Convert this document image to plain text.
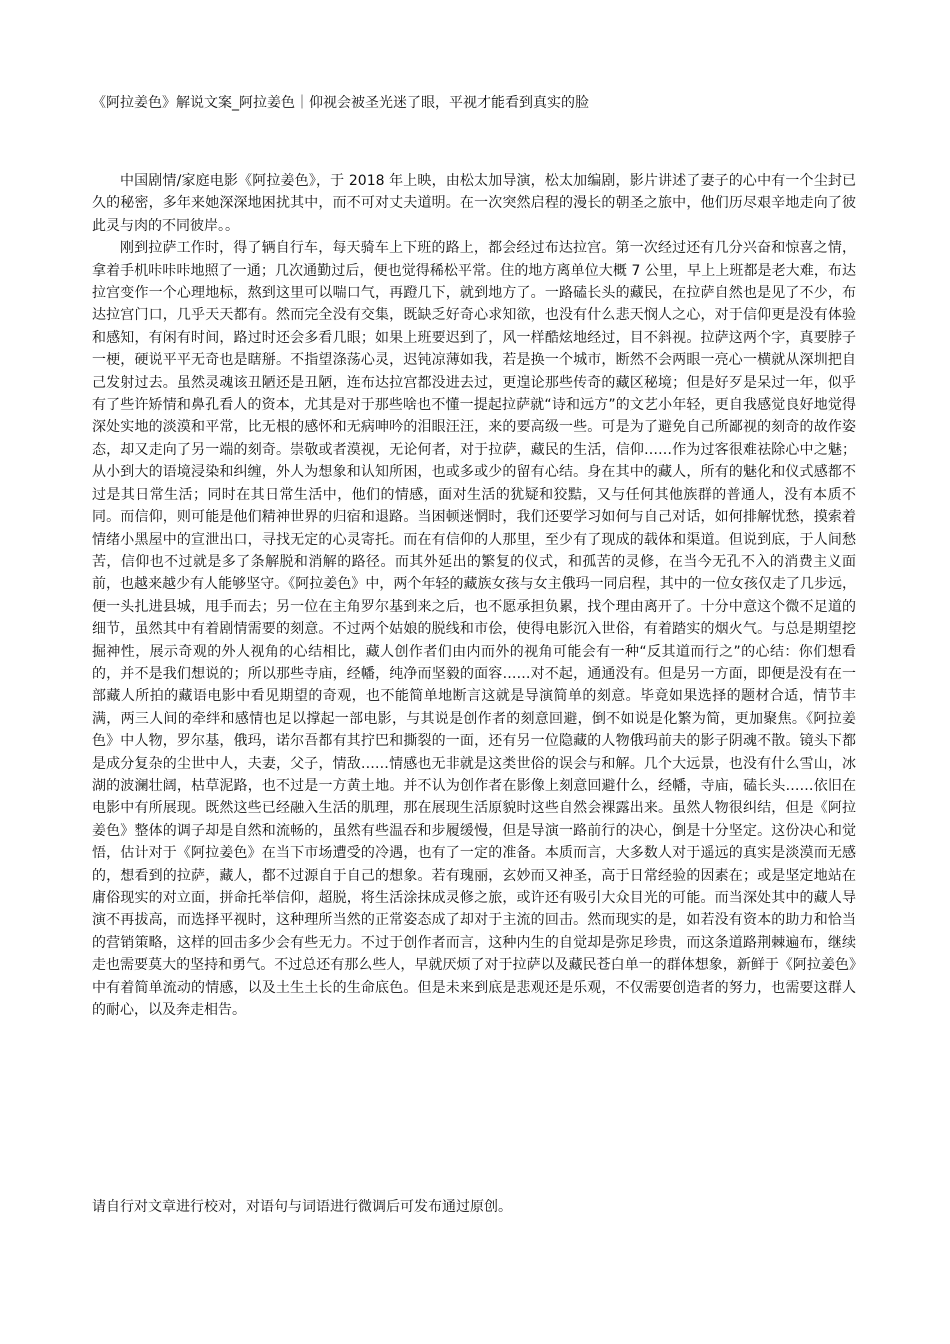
《阿拉姜色》解说文案_阿拉姜色｜仰视会被圣光迷了眼，平视才能看到真实的脸

中国剧情/家庭电影《阿拉姜色》，于 2018 年上映，由松太加导演，松太加编剧，影片讲述了妻子的心中有一个尘封已久的秘密，多年来她深深地困扰其中，而不可对丈夫道明。在一次突然启程的漫长的朝圣之旅中，他们历尽艰辛地走向了彼此灵与肉的不同彼岸。。

刚到拉萨工作时，得了辆自行车，每天骑车上下班的路上，都会经过布达拉宫。第一次经过还有几分兴奋和惊喜之情，拿着手机咔咔咔地照了一通；几次通勤过后，便也觉得稀松平常。住的地方离单位大概 7 公里，早上上班都是老大难，布达拉宫变作一个心理地标，熬到这里可以喘口气，再蹬几下，就到地方了。一路磕长头的藏民，在拉萨自然也是见了不少，布达拉宫门口，几乎天天都有。然而完全没有交集，既缺乏好奇心求知欲，也没有什么悲天悯人之心，对于信仰更是没有体验和感知，有闲有时间，路过时还会多看几眼；如果上班要迟到了，风一样酷炫地经过，目不斜视。拉萨这两个字，真要脖子一梗，硬说平平无奇也是瞎掰。不指望涤荡心灵，迟钝凉薄如我，若是换一个城市，断然不会两眼一亮心一横就从深圳把自己发射过去。虽然灵魂该丑陋还是丑陋，连布达拉宫都没进去过，更遑论那些传奇的藏区秘境；但是好歹是呆过一年，似乎有了些许矫情和鼻孔看人的资本，尤其是对于那些啥也不懂一提起拉萨就“诗和远方”的文艺小年轻，更自我感觉良好地觉得深处实地的淡漠和平常，比无根的感怀和无病呻吟的泪眼汪汪，来的要高级一些。可是为了避免自己所鄙视的刻奇的故作姿态，却又走向了另一端的刻奇。崇敬或者漠视，无论何者，对于拉萨，藏民的生活，信仰……作为过客很难祛除心中之魅；从小到大的语境浸染和纠缠，外人为想象和认知所困，也或多或少的留有心结。身在其中的藏人，所有的魅化和仪式感都不过是其日常生活；同时在其日常生活中，他们的情感，面对生活的犹疑和狡黠，又与任何其他族群的普通人，没有本质不同。而信仰，则可能是他们精神世界的归宿和退路。当困顿迷惘时，我们还要学习如何与自己对话，如何排解忧愁，摸索着情绪小黑屋中的宣泄出口，寻找无定的心灵寄托。而在有信仰的人那里，至少有了现成的载体和渠道。但说到底，于人间愁苦，信仰也不过就是多了条解脱和消解的路径。而其外延出的繁复的仪式，和孤苦的灵修，在当今无孔不入的消费主义面前，也越来越少有人能够坚守。《阿拉姜色》中，两个年轻的藏族女孩与女主俄玛一同启程，其中的一位女孩仅走了几步远，便一头扎进县城，甩手而去；另一位在主角罗尔基到来之后，也不愿承担负累，找个理由离开了。十分中意这个微不足道的细节，虽然其中有着剧情需要的刻意。不过两个姑娘的脱线和市侩，使得电影沉入世俗，有着踏实的烟火气。与总是期望挖掘神性，展示奇观的外人视角的心结相比，藏人创作者们由内而外的视角可能会有一种“反其道而行之”的心结：你们想看的，并不是我们想说的；所以那些寺庙，经幡，纯净而坚毅的面容……对不起，通通没有。但是另一方面，即便是没有在一部藏人所拍的藏语电影中看见期望的奇观，也不能简单地断言这就是导演简单的刻意。毕竟如果选择的题材合适，情节丰满，两三人间的牵绊和感情也足以撑起一部电影，与其说是创作者的刻意回避，倒不如说是化繁为简，更加聚焦。《阿拉姜色》中人物，罗尔基，俄玛，诺尔吾都有其拧巴和撕裂的一面，还有另一位隐藏的人物俄玛前夫的影子阴魂不散。镜头下都是成分复杂的尘世中人，夫妻，父子，情敌……情感也无非就是这类世俗的误会与和解。几个大远景，也没有什么雪山，冰湖的波澜壮阔，枯草泥路，也不过是一方黄土地。并不认为创作者在影像上刻意回避什么，经幡，寺庙，磕长头……依旧在电影中有所展现。既然这些已经融入生活的肌理，那在展现生活原貌时这些自然会裸露出来。虽然人物很纠结，但是《阿拉姜色》整体的调子却是自然和流畅的，虽然有些温吞和步履缓慢，但是导演一路前行的决心，倒是十分坚定。这份决心和觉悟，估计对于《阿拉姜色》在当下市场遭受的冷遇，也有了一定的准备。本质而言，大多数人对于遥远的真实是淡漠而无感的，想看到的拉萨，藏人，都不过源自于自己的想象。若有瑰丽，玄妙而又神圣，高于日常经验的因素在；或是坚定地站在庸俗现实的对立面，拼命托举信仰，超脱，将生活涂抹成灵修之旅，或许还有吸引大众目光的可能。而当深处其中的藏人导演不再拔高，而选择平视时，这种理所当然的正常姿态成了却对于主流的回击。然而现实的是，如若没有资本的助力和恰当的营销策略，这样的回击多少会有些无力。不过于创作者而言，这种内生的自觉却是弥足珍贵，而这条道路荆棘遍布，继续走也需要莫大的坚持和勇气。不过总还有那么些人，早就厌烦了对于拉萨以及藏民苍白单一的群体想象，新鲜于《阿拉姜色》中有着简单流动的情感，以及土生土长的生命底色。但是未来到底是悲观还是乐观，不仅需要创造者的努力，也需要这群人的耐心，以及奔走相告。

请自行对文章进行校对，对语句与词语进行微调后可发布通过原创。
